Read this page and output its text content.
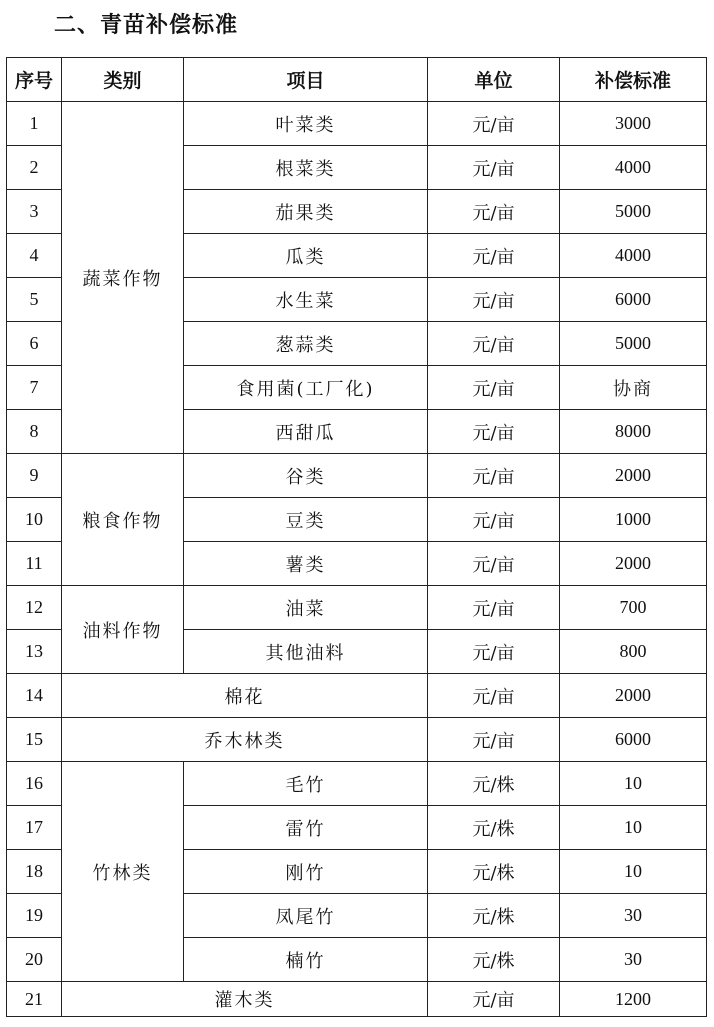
二、青苗补偿标准
序号	类别	项目	单位	补偿标准
1	蔬菜作物	叶菜类	元/亩	3000
2		根菜类	元/亩	4000
3		茄果类	元/亩	5000
4		瓜类	元/亩	4000
5		水生菜	元/亩	6000
6		葱蒜类	元/亩	5000
7		食用菌(工厂化)	元/亩	协商
8		西甜瓜	元/亩	8000
9	粮食作物	谷类	元/亩	2000
10		豆类	元/亩	1000
11		薯类	元/亩	2000
12	油料作物	油菜	元/亩	700
13		其他油料	元/亩	800
14	棉花		元/亩	2000
15	乔木林类		元/亩	6000
16	竹林类	毛竹	元/株	10
17		雷竹	元/株	10
18		刚竹	元/株	10
19		凤尾竹	元/株	30
20		楠竹	元/株	30
21	灌木类		元/亩	1200
